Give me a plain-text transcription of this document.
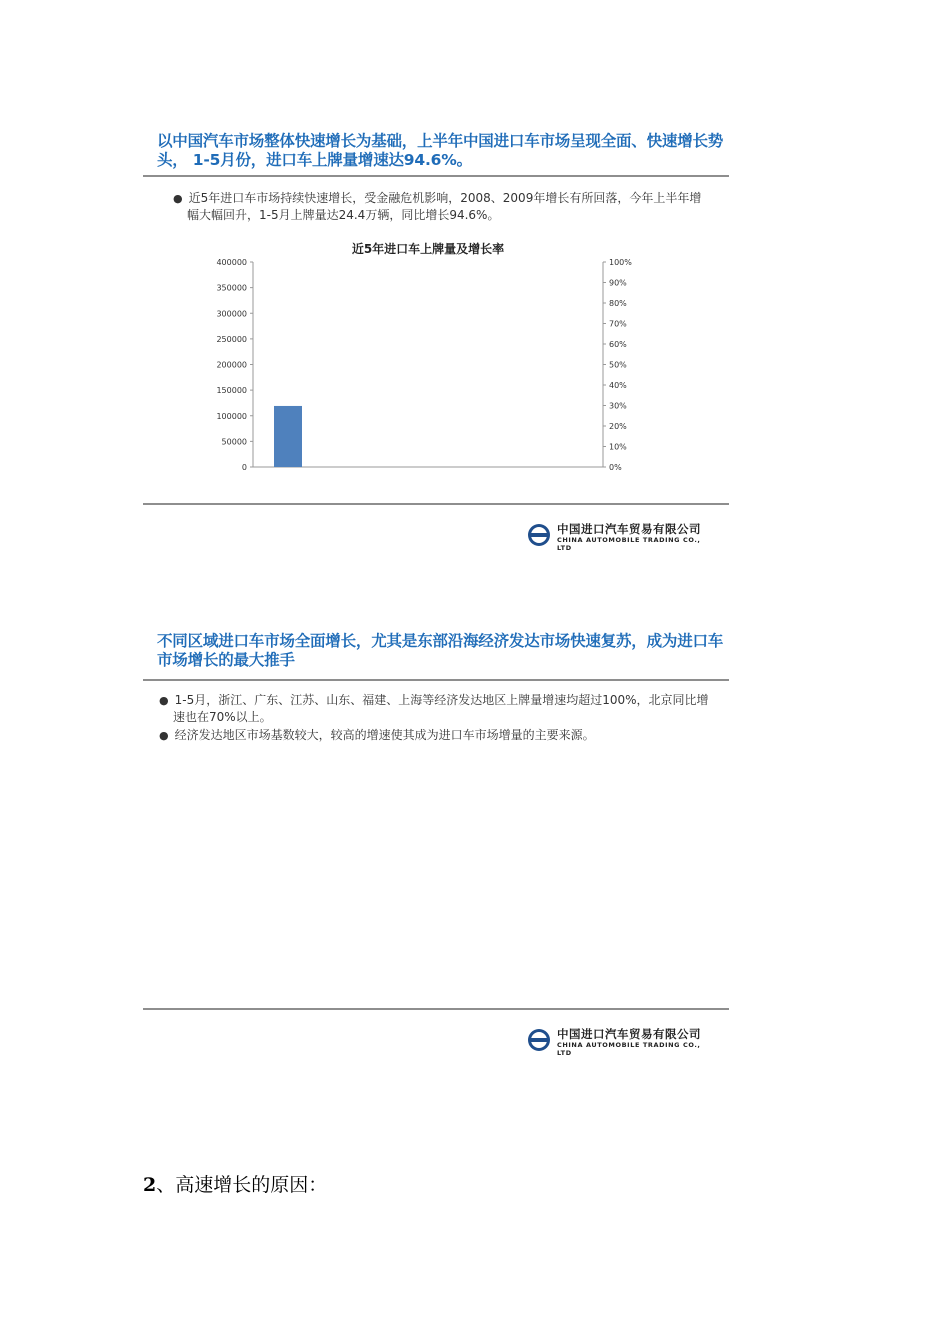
以中国汽车市场整体快速增长为基础，上半年中国进口车市场呈现全面、快速增长势头， 1-5月份，进口车上牌量增速达94.6%。

● 近5年进口车市场持续快速增长，受金融危机影响，2008、2009年增长有所回落，今年上半年增幅大幅回升，1-5月上牌量达24.4万辆，同比增长94.6%。

近5年进口车上牌量及增长率
0
50000
100000
150000
200000
250000
300000
350000
400000
0%
10%
20%
30%
40%
50%
60%
70%
80%
90%
100%
中国进口汽车贸易有限公司
CHINA AUTOMOBILE TRADING CO., LTD
不同区域进口车市场全面增长，尤其是东部沿海经济发达市场快速复苏，成为进口车市场增长的最大推手

● 1-5月，浙江、广东、江苏、山东、福建、上海等经济发达地区上牌量增速均超过100%，北京同比增速也在70%以上。

● 经济发达地区市场基数较大，较高的增速使其成为进口车市场增量的主要来源。

中国进口汽车贸易有限公司
CHINA AUTOMOBILE TRADING CO., LTD
2、高速增长的原因：
